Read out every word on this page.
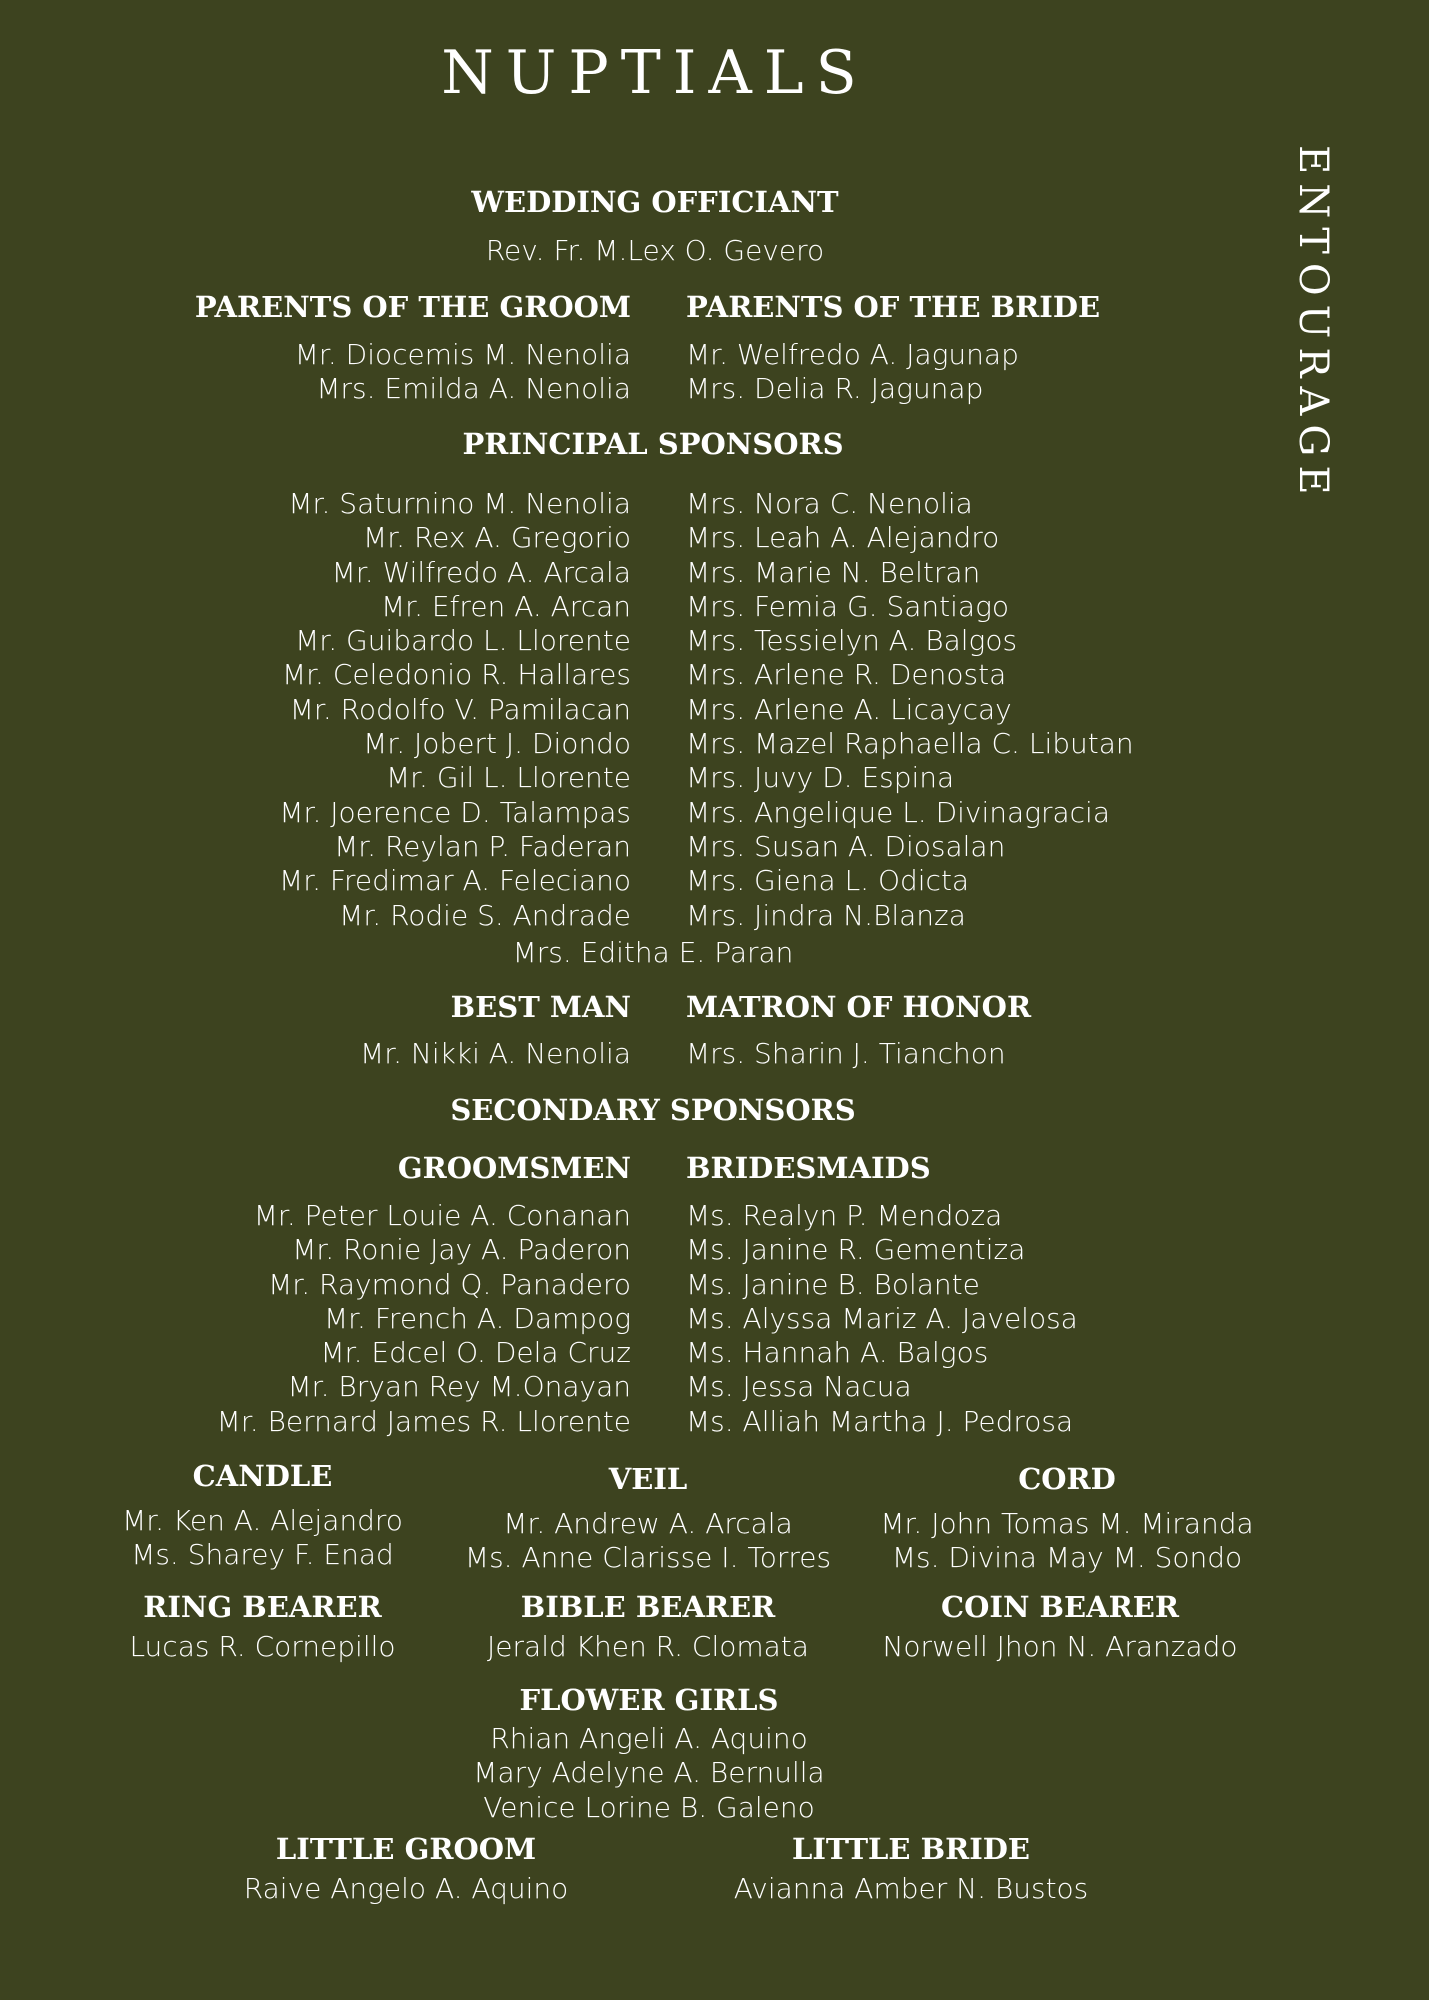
NUPTIALS
ENTOURAGE
WEDDING OFFICIANT
Rev. Fr. M.Lex O. Gevero
PARENTS OF THE GROOM
Mr. Diocemis M. Nenolia
Mrs. Emilda A. Nenolia
PARENTS OF THE BRIDE
Mr. Welfredo A. Jagunap
Mrs. Delia R. Jagunap
PRINCIPAL SPONSORS
Mr. Saturnino M. Nenolia
Mr. Rex A. Gregorio
Mr. Wilfredo A. Arcala
Mr. Efren A. Arcan
Mr. Guibardo L. Llorente
Mr. Celedonio R. Hallares
Mr. Rodolfo V. Pamilacan
Mr. Jobert J. Diondo
Mr. Gil L. Llorente
Mr. Joerence D. Talampas
Mr. Reylan P. Faderan
Mr. Fredimar A. Feleciano
Mr. Rodie S. Andrade
Mrs. Nora C. Nenolia
Mrs. Leah A. Alejandro
Mrs. Marie N. Beltran
Mrs. Femia G. Santiago
Mrs. Tessielyn A. Balgos
Mrs. Arlene R. Denosta
Mrs. Arlene A. Licaycay
Mrs. Mazel Raphaella C. Libutan
Mrs. Juvy D. Espina
Mrs. Angelique L. Divinagracia
Mrs. Susan A. Diosalan
Mrs. Giena L. Odicta
Mrs. Jindra N.Blanza
Mrs. Editha E. Paran
BEST MAN
Mr. Nikki A. Nenolia
MATRON OF HONOR
Mrs. Sharin J. Tianchon
SECONDARY SPONSORS
GROOMSMEN
Mr. Peter Louie A. Conanan
Mr. Ronie Jay A. Paderon
Mr. Raymond Q. Panadero
Mr. French A. Dampog
Mr. Edcel O. Dela Cruz
Mr. Bryan Rey M.Onayan
Mr. Bernard James R. Llorente
BRIDESMAIDS
Ms. Realyn P. Mendoza
Ms. Janine R. Gementiza
Ms. Janine B. Bolante
Ms. Alyssa Mariz A. Javelosa
Ms. Hannah A. Balgos
Ms. Jessa Nacua
Ms. Alliah Martha J. Pedrosa
CANDLE
Mr. Ken A. Alejandro
Ms. Sharey F. Enad
VEIL
Mr. Andrew A. Arcala
Ms. Anne Clarisse I. Torres
CORD
Mr. John Tomas M. Miranda
Ms. Divina May M. Sondo
RING BEARER
Lucas R. Cornepillo
BIBLE BEARER
Jerald Khen R. Clomata
COIN BEARER
Norwell Jhon N. Aranzado
FLOWER GIRLS
Rhian Angeli A. Aquino
Mary Adelyne A. Bernulla
Venice Lorine B. Galeno
LITTLE GROOM
Raive Angelo A. Aquino
LITTLE BRIDE
Avianna Amber N. Bustos
